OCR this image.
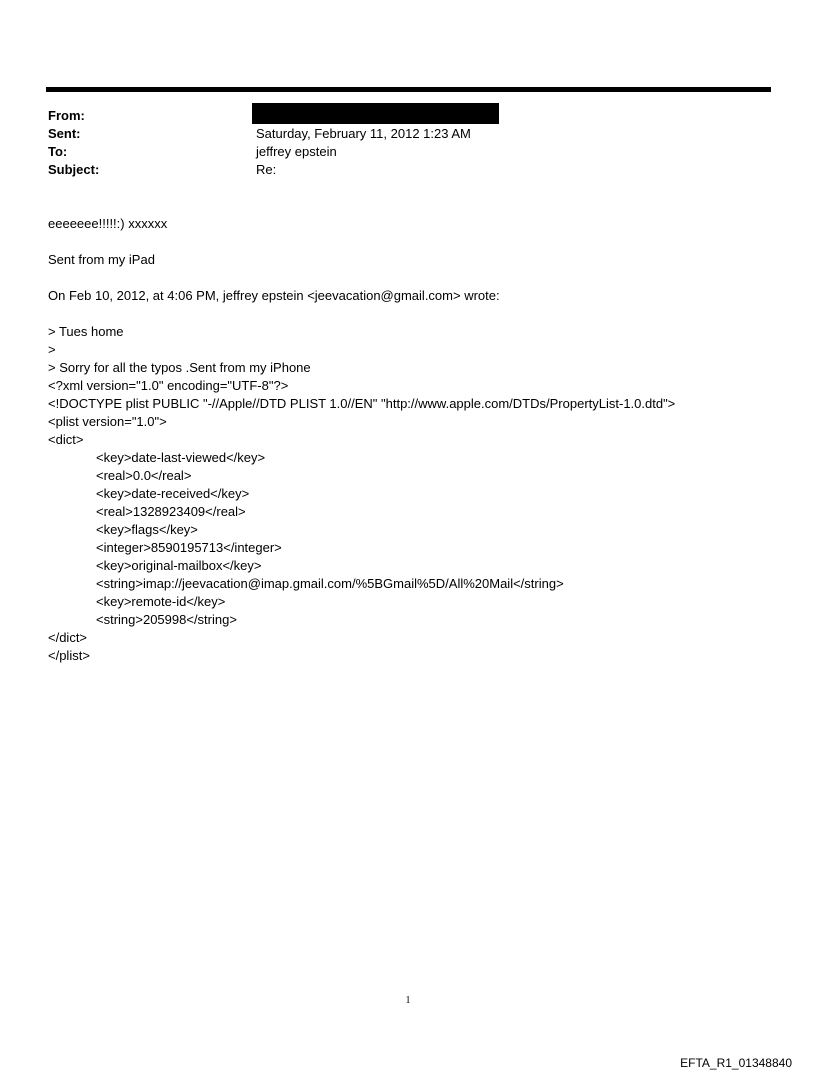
From:
Sent:	Saturday, February 11, 2012 1:23 AM
To:	jeffrey epstein
Subject:	Re:
eeeeeee!!!!!:) xxxxxx
Sent from my iPad
On Feb 10, 2012, at 4:06 PM, jeffrey epstein <jeevacation@gmail.com> wrote:
> Tues home
>
> Sorry for all the typos .Sent from my iPhone
<?xml version="1.0" encoding="UTF-8"?>
<!DOCTYPE plist PUBLIC "-//Apple//DTD PLIST 1.0//EN" "http://www.apple.com/DTDs/PropertyList-1.0.dtd">
<plist version="1.0">
<dict>
<key>date-last-viewed</key>
<real>0.0</real>
<key>date-received</key>
<real>1328923409</real>
<key>flags</key>
<integer>8590195713</integer>
<key>original-mailbox</key>
<string>imap://jeevacation@imap.gmail.com/%5BGmail%5D/All%20Mail</string>
<key>remote-id</key>
<string>205998</string>
</dict>
</plist>
1
EFTA_R1_01348840
